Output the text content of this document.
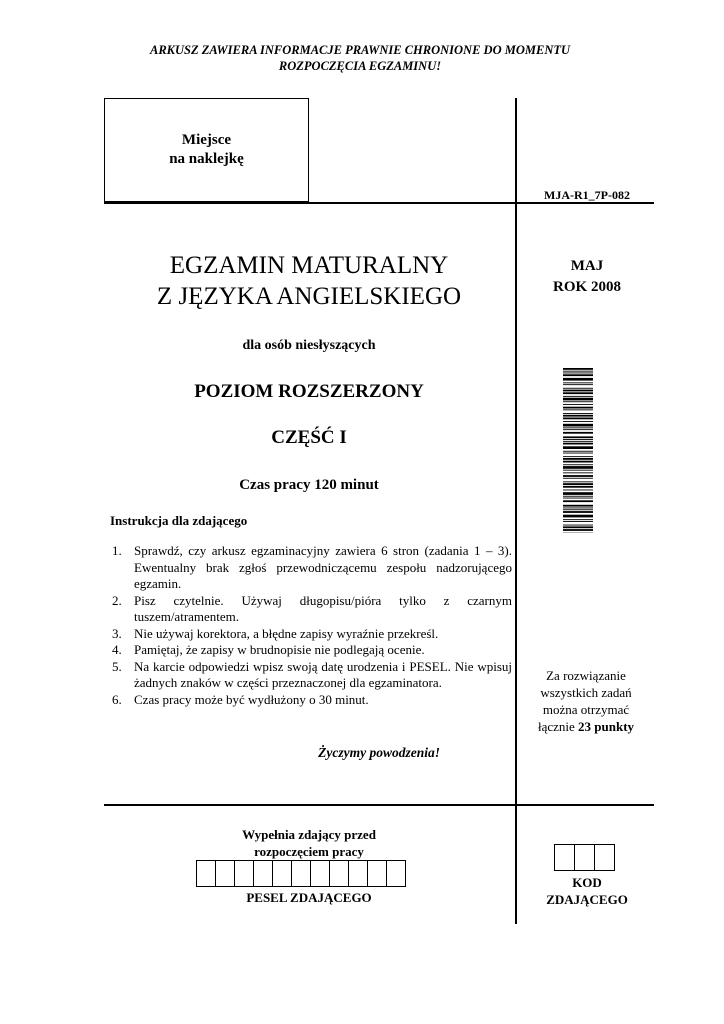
ARKUSZ ZAWIERA INFORMACJE PRAWNIE CHRONIONE DO MOMENTU
ROZPOCZĘCIA EGZAMINU!
Miejsce
na naklejkę
MJA-R1_7P-082
EGZAMIN MATURALNY
Z JĘZYKA ANGIELSKIEGO
dla osób niesłyszących
POZIOM ROZSZERZONY
CZĘŚĆ I
Czas pracy 120 minut
MAJ
ROK 2008
Instrukcja dla zdającego
1. Sprawdź, czy arkusz egzaminacyjny zawiera 6 stron (zadania 1 – 3). Ewentualny brak zgłoś przewodniczącemu zespołu nadzorującego egzamin.
2. Pisz czytelnie. Używaj długopisu/pióra tylko z czarnym tuszem/atramentem.
3. Nie używaj korektora, a błędne zapisy wyraźnie przekreśl.
4. Pamiętaj, że zapisy w brudnopisie nie podlegają ocenie.
5. Na karcie odpowiedzi wpisz swoją datę urodzenia i PESEL. Nie wpisuj żadnych znaków w części przeznaczonej dla egzaminatora.
6. Czas pracy może być wydłużony o 30 minut.
Życzymy powodzenia!
Za rozwiązanie
wszystkich zadań
można otrzymać
łącznie 23 punkty
Wypełnia zdający przed
rozpoczęciem pracy
PESEL ZDAJĄCEGO
KOD
ZDAJĄCEGO
